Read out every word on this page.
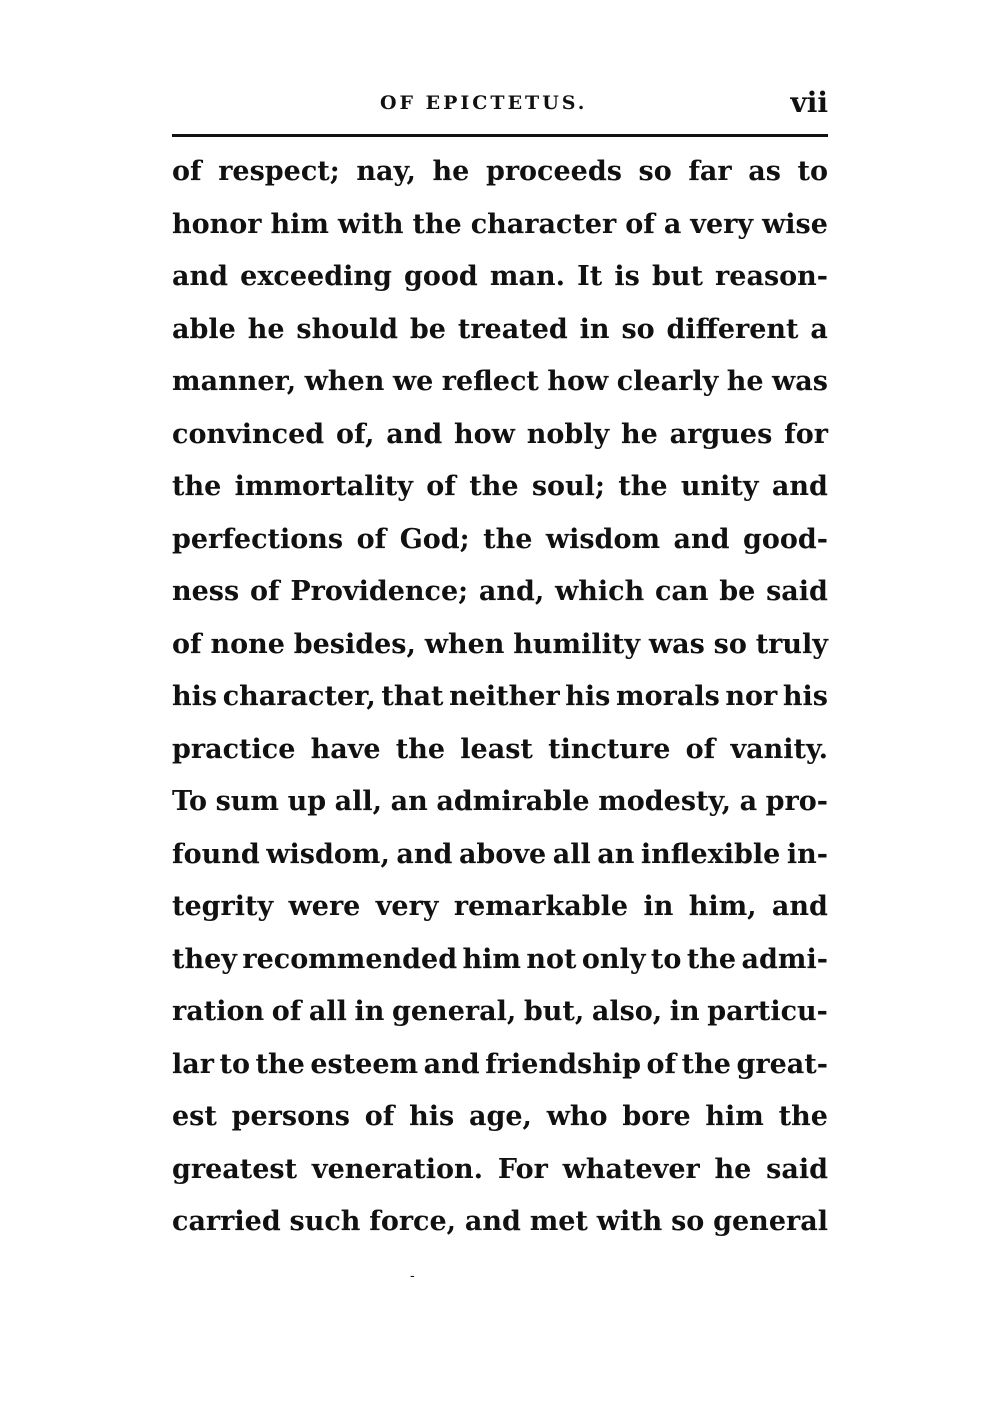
OF EPICTETUS.	vii
of respect; nay, he proceeds so far as to
honor him with the character of a very wise
and exceeding good man. It is but reason-
able he should be treated in so different a
manner, when we reflect how clearly he was
convinced of, and how nobly he argues for
the immortality of the soul; the unity and
perfections of God; the wisdom and good-
ness of Providence; and, which can be said
of none besides, when humility was so truly
his character, that neither his morals nor his
practice have the least tincture of vanity.
To sum up all, an admirable modesty, a pro-
found wisdom, and above all an inflexible in-
tegrity were very remarkable in him, and
they recommended him not only to the admi-
ration of all in general, but, also, in particu-
lar to the esteem and friendship of the great-
est persons of his age, who bore him the
greatest veneration. For whatever he said
carried such force, and met with so general
-
